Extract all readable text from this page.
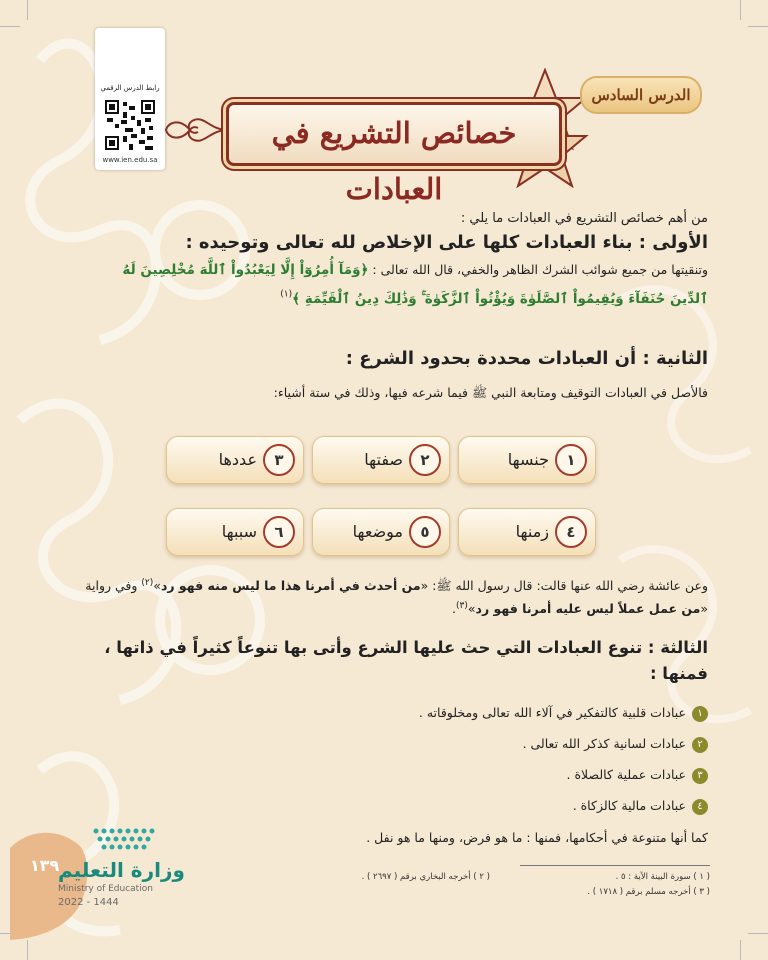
رابط الدرس الرقمي
www.ien.edu.sa
الدرس السادس
خصائص التشريع في العبادات
من أهم خصائص التشريع في العبادات ما يلي :
الأولى : بناء العبادات كلها على الإخلاص لله تعالى وتوحيده :
وتنقيتها من جميع شوائب الشرك الظاهر والخفي، قال الله تعالى : ﴿وَمَآ أُمِرُوٓاْ إِلَّا لِيَعْبُدُواْ ٱللَّهَ مُخْلِصِينَ لَهُ
ٱلدِّينَ حُنَفَآءَ وَيُقِيمُواْ ٱلصَّلَوٰةَ وَيُؤْتُواْ ٱلزَّكَوٰةَ ۚ وَذَٰلِكَ دِينُ ٱلْقَيِّمَةِ ﴾$^{(١)}$
الثانية : أن العبادات محددة بحدود الشرع :
فالأصل في العبادات التوقيف ومتابعة النبي ﷺ فيما شرعه فيها، وذلك في ستة أشياء:
١
جنسها
٢
صفتها
٣
عددها
٤
زمنها
٥
موضعها
٦
سببها
وعن عائشة رضي الله عنها قالت: قال رسول الله ﷺ: «من أحدث في أمرنا هذا ما ليس منه فهو رد»$^{(٢)}$ وفي رواية
«من عمل عملاً ليس عليه أمرنا فهو رد»$^{(٣)}$.
الثالثة : تنوع العبادات التي حث عليها الشرع وأتى بها تنوعاً كثيراً في ذاتها ،
فمنها :
١عبادات قلبية كالتفكير في آلاء الله تعالى ومخلوقاته .
٢عبادات لسانية كذكر الله تعالى .
٣عبادات عملية كالصلاة .
٤عبادات مالية كالزكاة .
كما أنها متنوعة في أحكامها، فمنها : ما هو فرض، ومنها ما هو نفل .
( ١ ) سورة البينة الآية : ٥ .
( ٢ ) أخرجه البخاري برقم ( ٢٦٩٧ ) .
( ٣ ) أخرجه مسلم برقم ( ١٧١٨ ) .
١٣٩
وزارة التعليم
Ministry of Education
2022 - 1444
